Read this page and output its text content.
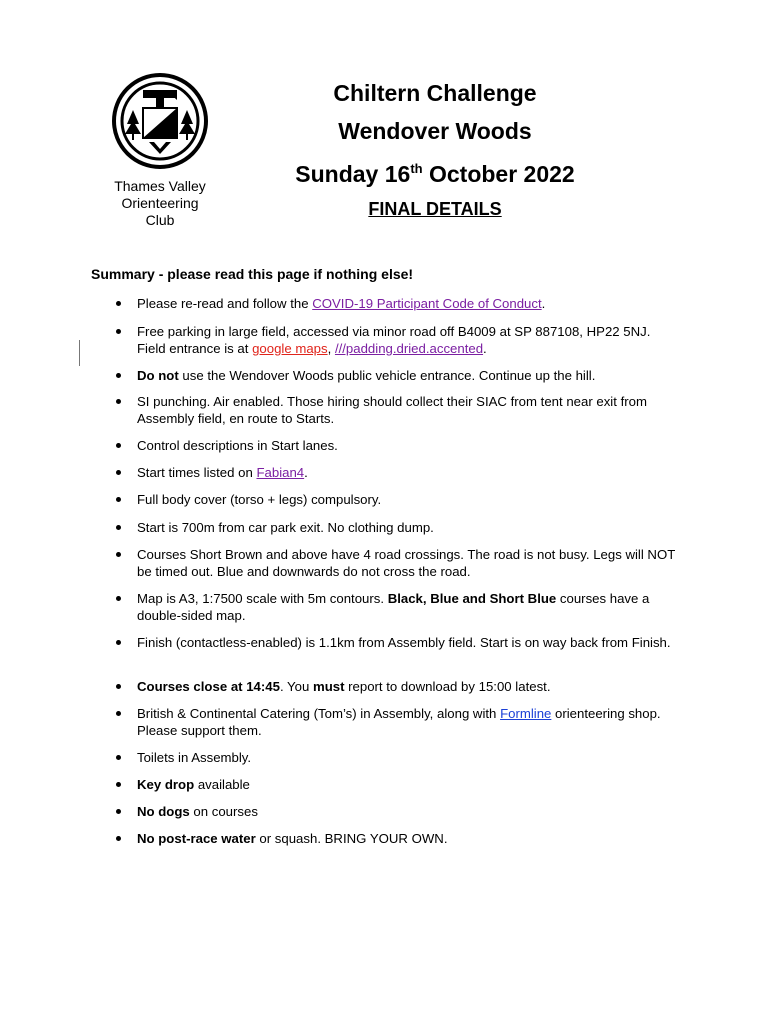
Thames Valley
Orienteering
Club
Chiltern Challenge
Wendover Woods
Sunday 16th October 2022
FINAL DETAILS
Summary - please read this page if nothing else!
Please re-read and follow the COVID-19 Participant Code of Conduct.
Free parking in large field, accessed via minor road off B4009 at SP 887108, HP22 5NJ. Field entrance is at google maps, ///padding.dried.accented.
Do not use the Wendover Woods public vehicle entrance. Continue up the hill.
SI punching. Air enabled. Those hiring should collect their SIAC from tent near exit from Assembly field, en route to Starts.
Control descriptions in Start lanes.
Start times listed on Fabian4.
Full body cover (torso + legs) compulsory.
Start is 700m from car park exit. No clothing dump.
Courses Short Brown and above have 4 road crossings. The road is not busy. Legs will NOT be timed out. Blue and downwards do not cross the road.
Map is A3, 1:7500 scale with 5m contours. Black, Blue and Short Blue courses have a double-sided map.
Finish (contactless-enabled) is 1.1km from Assembly field. Start is on way back from Finish.
Courses close at 14:45. You must report to download by 15:00 latest.
British & Continental Catering (Tom’s) in Assembly, along with Formline orienteering shop. Please support them.
Toilets in Assembly.
Key drop available
No dogs on courses
No post-race water or squash. BRING YOUR OWN.
